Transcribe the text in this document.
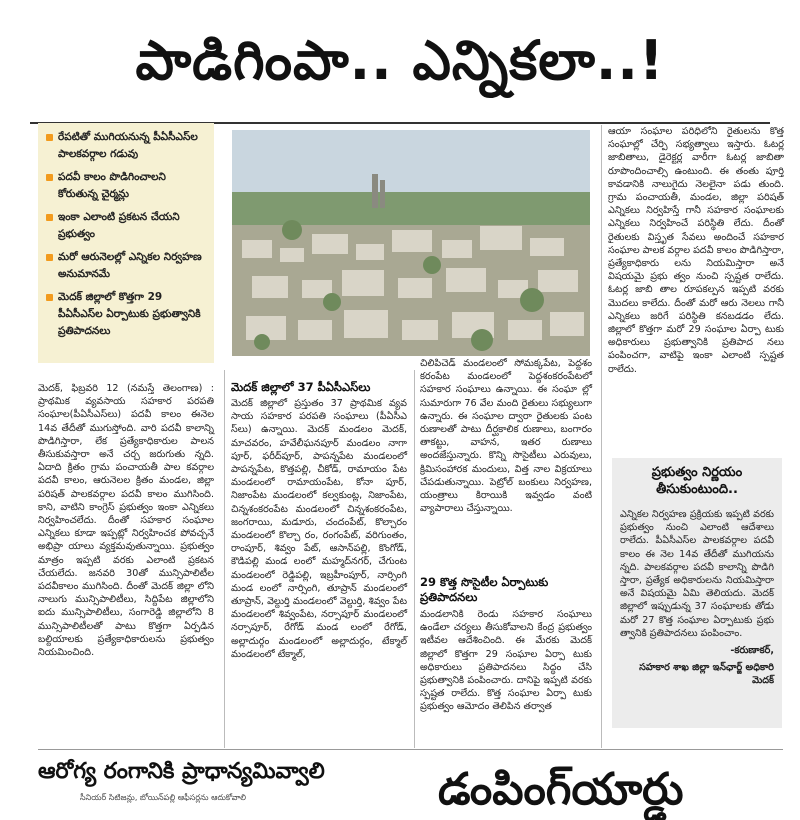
పాడిగింపా.. ఎన్నికలా..!
రేపటితో ముగియనున్న పీఏసీఎస్‌ల పాలకవర్గాల గడువు
పదవీ కాలం పొడిగించాలని కోరుతున్న చైర్మన్లు
ఇంకా ఎలాంటి ప్రకటన చేయని ప్రభుత్వం
మరో ఆరునెలల్లో ఎన్నికల నిర్వహణ అనుమానమే
మెదక్ జిల్లాలో కొత్తగా 29 పీఏసీఎస్‌ల ఏర్పాటుకు ప్రభుత్వానికి ప్రతిపాదనలు

మెదక్, ఫిబ్రవరి 12 (నమస్తే తెలంగాణ) : ప్రాథమిక వ్యవసాయ సహకార పరపతి సంఘాల(పీఏసీఎస్‌లు) పదవీ కాలం ఈనెల 14వ తేదీతో ముగుస్తోంది. వారి పదవీ కాలాన్ని పొడిగిస్తారా, లేక ప్రత్యేకాధికారుల పాలన తీసుకువస్తారా అనే చర్చ జరుగుతు న్నది. ఏదాది క్రితం గ్రామ పంచాయతీ పాల కవర్గాల పదవీ కాలం, ఆరునెలల క్రితం మండల, జిల్లా పరిషత్ పాలకవర్గాల పదవీ కాలం ముగిసింది. కాని, వాటిని కాంగ్రెస్ ప్రభుత్వం ఇంకా ఎన్నికలు నిర్వహించలేదు. దీంతో సహకార సంఘాల ఎన్నికలు కూడా ఇప్పట్లో నిర్వహించక పోవచ్చనే అభిప్రా యాలు వ్యక్తమవుతున్నాయి. ప్రభుత్వం మాత్రం ఇప్పటి వరకు ఎలాంటి ప్రకటన చేయలేదు. జనవరి 30తో మున్సిపాలిటీల పదవీకాలం ముగిసింది. దీంతో మెదక్ జిల్లా లోని నాలుగు మున్సిపాలిటీలు, సిద్దిపేట జిల్లాలోని ఐదు మున్సిపాలిటీలు, సంగారెడ్డి జిల్లాలోని 8 మున్సిపాలిటీలతో పాటు కొత్తగా ఏర్పడిన బల్దియాలకు ప్రత్యేకాధికారులను ప్రభుత్వం నియమించింది.

మెదక్ జిల్లాలో 37 పీఏసీఎస్‌లు

మెదక్ జిల్లాలో ప్రస్తుతం 37 ప్రాథమిక వ్యవ సాయ సహకార పరపతి సంఘాలు (పీఏసీఎ స్‌లు) ఉన్నాయి. మెదక్ మండలం మెదక్, మాచవరం, హవేలీఘనపూర్ మండలం నాగా పూర్, ఫరీద్‌పూర్, పాపన్నపేట మండలంలో పాపన్నపేట, కొత్తపల్లి, చీకోడ్, రామాయం పేట మండలంలో రామాయంపేట, కోనా పూర్, నిజాంపేట మండలంలో కల్వకుంట్ల, నిజాంపేట, చిన్నశంకరంపేట మండలంలో చిన్నశంకరంపేట, జంగరాయి, మడూరు, చందంపేట్, కొల్చారం మండలంలో కొల్చా రం, రంగంపేట్, వరిగుంతం, రాంపూర్, శివ్వం పేట్, ఆసాన్‌పల్లి, కొంగోడ్, కౌడిపల్లి మండ లంలో మహ్మద్‌నగర్, చేగుంట మండలంలో రెడ్డిపల్లి, ఇబ్రహీంపూర్, నార్సింగి మండ లంలో నార్సింగి, తూప్రాన్ మండలంలో తూప్రాన్, వెల్దుర్తి మండలంలో వెల్దుర్తి, శివ్వం పేట మండలంలో శివ్వంపేట, నర్సాపూర్ మండలంలో నర్సాపూర్, రేగోడ్ మండ లంలో రేగోడ్, అల్లాదుర్గం మండలంలో అల్లాదుర్గం, టేక్మాల్ మండలంలో టేక్మాల్,

చిలిపిచెడ్ మండలంలో సోమక్కపేట, పెద్దశం కరంపేట మండలంలో పెద్దశంకరంపేటలో సహకార సంఘాలు ఉన్నాయి. ఈ సంఘా ల్లో సుమారుగా 76 వేల మంది రైతులు సభ్యులుగా ఉన్నారు. ఈ సంఘాల ద్వారా రైతులకు పంట రుణాలతో పాటు దీర్ఘకాలిక రుణాలు, బంగారం తాకట్టు, వాహన, ఇతర రుణాలు అందజేస్తున్నారు. కొన్ని సొసైటీలు ఎరువులు, క్రిమిసంహారక మందులు, విత్త నాల విక్రయాలు చేపడుతున్నాయి. పెట్రోల్ బంకులు నిర్వహణ, యంత్రాలు కిరాయికి ఇవ్వడం వంటి వ్యాపారాలు చేస్తున్నాయి.

29 కొత్త సొసైటీల ఏర్పాటుకు ప్రతిపాదనలు

మండలానికి రెండు సహకార సంఘాలు ఉండేలా చర్యలు తీసుకోవాలని కేంద్ర ప్రభుత్వం ఇటీవల ఆదేశించింది. ఈ మేరకు మెదక్ జిల్లాలో కొత్తగా 29 సంఘాల ఏర్పా టుకు అధికారులు ప్రతిపాదనలు సిద్ధం చేసి ప్రభుత్వానికి పంపించారు. దానిపై ఇప్పటి వరకు స్పష్టత రాలేదు. కొత్త సంఘాల ఏర్పా టుకు ప్రభుత్వం ఆమోదం తెలిపిన తర్వాత

ఆయా సంఘాల పరిధిలోని రైతులను కొత్త సంఘాల్లో చేర్పి సభ్యత్వాలు ఇస్తారు. ఓటర్ల జాబితాలు, డైరెక్టర్ల వారీగా ఓటర్ల జాబితా రూపొందించాల్సి ఉంటుంది. ఈ తంతు పూర్తి కావడానికి నాలుగైదు నెలలైనా పడు తుంది. గ్రామ పంచాయతీ, మండల, జిల్లా పరిషత్ ఎన్నికలు నిర్వహిస్తే గానీ సహకార సంఘాలకు ఎన్నికలు నిర్వహించే పరిస్థితి లేదు. దీంతో రైతులకు విస్తృత సేవలు అందించే సహకార సంఘాల పాలక వర్గాల పదవీ కాలం పొడిగిస్తారా, ప్రత్యేకాధికారు లను నియమిస్తారా అనే విషయమై ప్రభు త్వం నుంచి స్పష్టత రాలేదు. ఓటర్ల జాబి తాల రూపకల్పన ఇప్పటి వరకు మొదలు కాలేదు. దీంతో మరో ఆరు నెలలు గానీ ఎన్నికలు జరిగే పరిస్థితి కనబడడం లేదు. జిల్లాలో కొత్తగా మరో 29 సంఘాల ఏర్పా టుకు అధికారులు ప్రభుత్వానికి ప్రతిపాద నలు పంపించగా, వాటిపై ఇంకా ఎలాంటి స్పష్టత రాలేదు.

ప్రభుత్వం నిర్ణయం తీసుకుంటుంది..
ఎన్నికల నిర్వహణ ప్రక్రియకు ఇప్పటి వరకు ప్రభుత్వం నుంచి ఎలాంటి ఆదేశాలు రాలేదు. పీఏసీఎస్‌ల పాలకవర్గాల పదవీ కాలం ఈ నెల 14వ తేదీతో ముగియను న్నది. పాలకవర్గాల పదవీ కాలాన్ని పొడిగి స్తారా, ప్రత్యేక అధికారులను నియమిస్తారా అనే విషయమై ఏమి తెలియదు. మెదక్ జిల్లాలో ఇప్పుడున్న 37 సంఘాలకు తోడు మరో 27 కొత్త సంఘాల ఏర్పాటుకు ప్రభు త్వానికి ప్రతిపాదనలు పంపించాం.
-కరుణాకర్,
సహకార శాఖ జిల్లా ఇన్‌ఛార్జ్ అధికారి మెదక్
ఆరోగ్య రంగానికి ప్రాధాన్యమివ్వాలి
సీనియర్ సిటిజన్లు, బోయిన్‌పల్లి ఆఫీసర్లను ఆదుకోవాలి	డంపింగ్‌యార్డు
